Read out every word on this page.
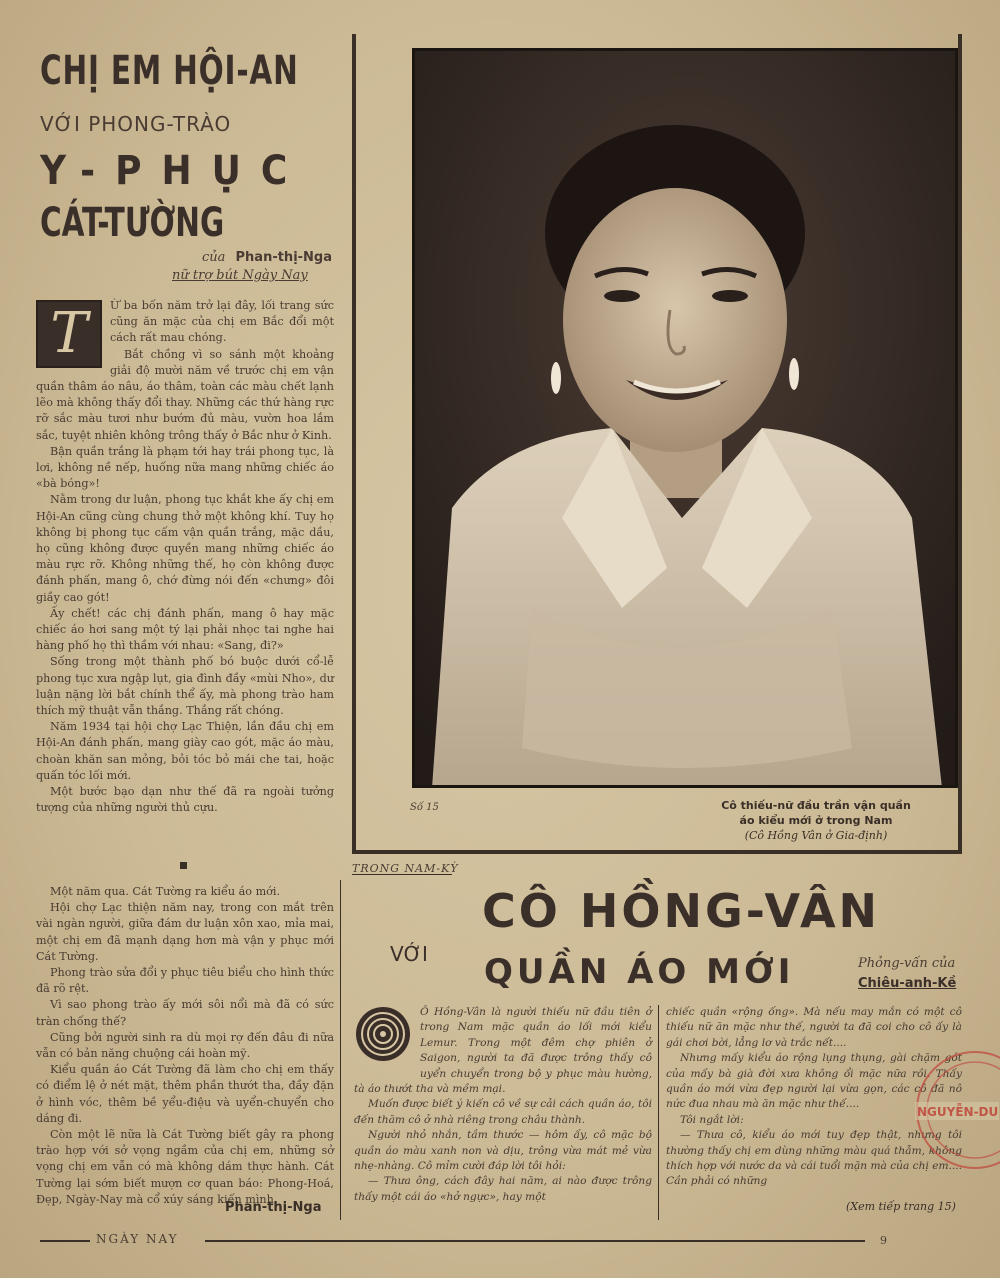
CHỊ EM HỘI-AN
VỚI PHONG-TRÀO
Y-PHỤC
CÁT-TƯỜNG
của Phan-thị-Nga
nữ trợ bút Ngày Nay
T	Ừ ba bốn năm trở lại đây, lối trang sức cũng ăn mặc của chị em Bắc đổi một cách rất mau chóng.

Bắt chồng vì so sánh một khoảng giải độ mười năm về trước chị em vận quần thâm áo nâu, áo thâm, toàn các màu chết lạnh lẽo mà không thấy đổi thay. Những các thứ hàng rực rỡ sắc màu tươi như bướm đủ màu, vườn hoa lắm sắc, tuyệt nhiên không trông thấy ở Bắc như ở Kinh.

Bận quần trắng là phạm tới hay trái phong tục, là lơi, không nề nếp, huống nữa mang những chiếc áo «bà bóng»!

Nằm trong dư luận, phong tục khắt khe ấy chị em Hội-An cũng cùng chung thở một không khí. Tuy họ không bị phong tục cấm vận quần trắng, mặc dầu, họ cũng không được quyền mang những chiếc áo màu rực rỡ. Không những thế, họ còn không được đánh phấn, mang ô, chớ đừng nói đến «chưng» đôi giầy cao gót!

Ấy chết! các chị đánh phấn, mang ô hay mặc chiếc áo hơi sang một tý lại phải nhọc tai nghe hai hàng phố họ thì thầm với nhau: «Sang, đi?»

Sống trong một thành phố bó buộc dưới cổ-lễ phong tục xưa ngập lụt, gia đình đầy «mùi Nho», dư luận nặng lời bắt chính thể ấy, mà phong trào ham thích mỹ thuật vẫn thắng. Thắng rất chóng.

Năm 1934 tại hội chợ Lạc Thiện, lần đầu chị em Hội-An đánh phấn, mang giày cao gót, mặc áo màu, choàn khăn san mỏng, bỏi tóc bỏ mái che tai, hoặc quấn tóc lối mới.

Một bước bạo dạn như thế đã ra ngoài tưởng tượng của những người thủ cựu.

Một năm qua. Cát Tường ra kiểu áo mới.

Hội chợ Lạc thiện năm nay, trong con mắt trên vài ngàn người, giữa đám dư luận xôn xao, mỉa mai, một chị em đã mạnh dạng hơn mà vận y phục mới Cát Tường.

Phong trào sửa đổi y phục tiêu biểu cho hình thức đã rõ rệt.

Vì sao phong trào ấy mới sôi nổi mà đã có sức tràn chống thế?

Cũng bởi người sinh ra dù mọi rợ đến đâu đi nữa vẫn có bản năng chuộng cái hoàn mỹ.

Kiểu quần áo Cát Tường đã làm cho chị em thấy có điểm lệ ở nét mặt, thêm phần thướt tha, đầy đặn ở hình vóc, thêm bề yểu-điệu và uyển-chuyển cho dáng đi.

Còn một lẽ nữa là Cát Tường biết gây ra phong trào hợp với sở vọng ngầm của chị em, những sở vọng chị em vẫn có mà không dám thực hành. Cát Tường lại sớm biết mượn cơ quan báo: Phong-Hoá, Đẹp, Ngày-Nay mà cổ xúy sáng kiến mình.

Phan-thị-Nga
Số 15	Cô thiếu-nữ đầu trần vận quần
áo kiểu mới ở trong Nam
(Cô Hồng Vân ở Gia-định)
TRONG NAM-KỲ
CÔ HỒNG-VÂN
VỚI QUẦN ÁO MỚI	Phỏng-vấn của
Chiêu-anh-Kề

Ô Hồng-Vân là người thiếu nữ đầu tiên ở trong Nam mặc quần áo lối mới kiểu Lemur. Trong một đêm chợ phiên ở Saigon, người ta đã được trông thấy cô uyển chuyển trong bộ y phục màu hường, tà áo thướt tha và mềm mại.

Muốn được biết ý kiến cô về sự cải cách quần áo, tôi đến thăm cô ở nhà riêng trong châu thành.

Người nhỏ nhắn, tầm thước — hôm ấy, cô mặc bộ quần áo màu xanh non và dịu, trông vừa mát mẻ vừa nhẹ-nhàng. Cô mỉm cười đáp lời tôi hỏi:

— Thưa ông, cách đây hai năm, ai nào được trông thấy một cái áo «hở ngực», hay một

chiếc quần «rộng ống». Mà nếu may mắn có một cô thiếu nữ ăn mặc như thế, người ta đã coi cho cô ấy là gái chơi bời, lẳng lơ và trắc nết....

Nhưng mấy kiểu áo rộng lụng thụng, gài chặm gót của mấy bà già đời xưa không ổi mặc nữa rồi. Thấy quần áo mới vừa đẹp người lại vừa gọn, các cô đã nô nức đua nhau mà ăn mặc như thế....

Tôi ngắt lời:

— Thưa cô, kiểu áo mới tuy đẹp thật, nhưng tôi thường thấy chị em dùng những màu quá thẫm, không thích hợp với nước da và cái tuổi mặn mà của chị em.... Cần phải có những

(Xem tiếp trang 15)
NGUYỄN-DU
NGÀY NAY	9
